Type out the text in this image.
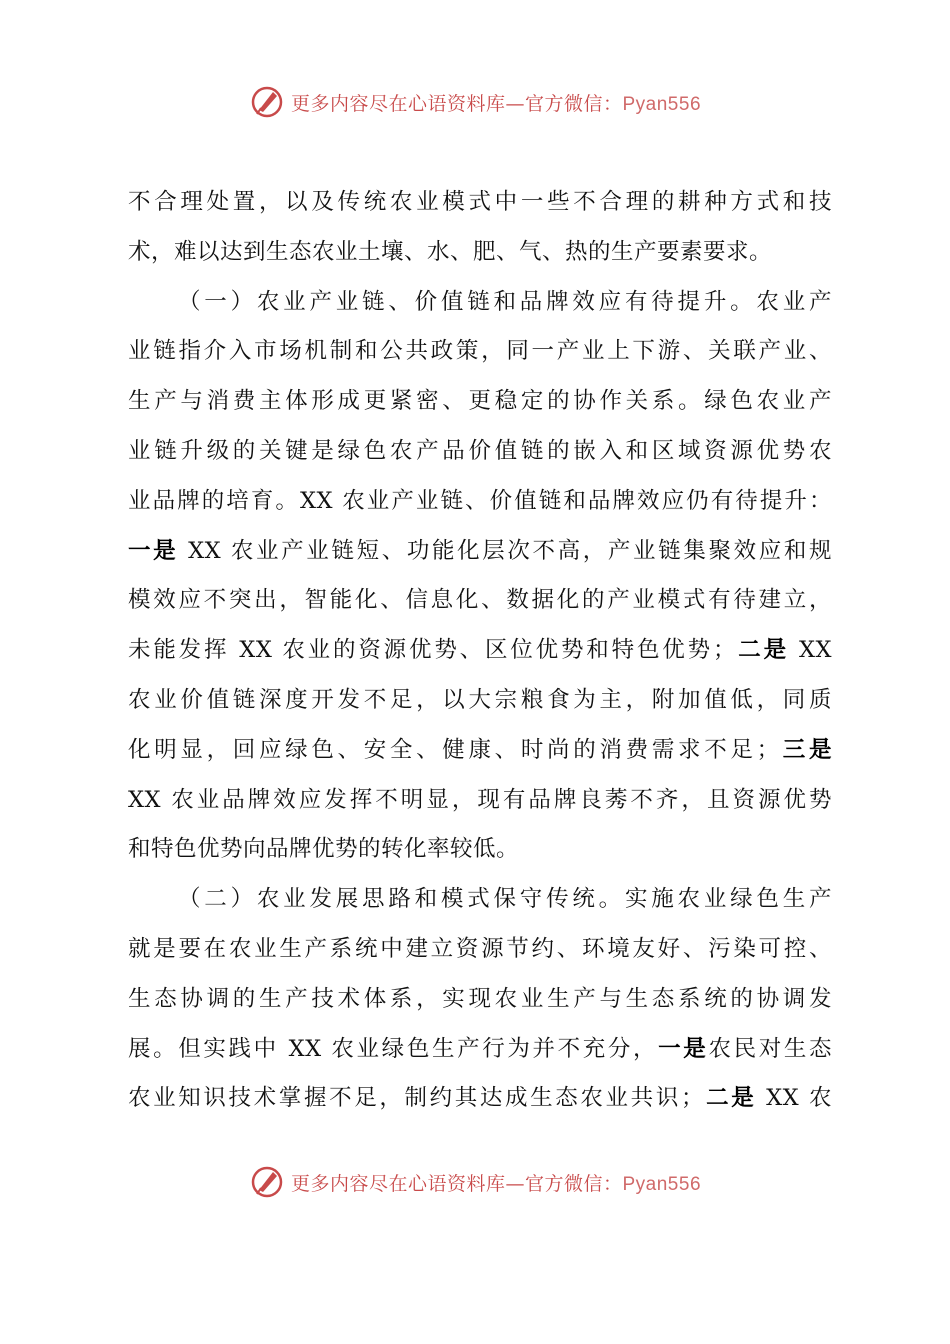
更多内容尽在心语资料库—官方微信：Pyan556
不合理处置，以及传统农业模式中一些不合理的耕种方式和技
术，难以达到生态农业土壤、水、肥、气、热的生产要素要求。
（一）农业产业链、价值链和品牌效应有待提升。农业产
业链指介入市场机制和公共政策，同一产业上下游、关联产业、
生产与消费主体形成更紧密、更稳定的协作关系。绿色农业产
业链升级的关键是绿色农产品价值链的嵌入和区域资源优势农
业品牌的培育。XX 农业产业链、价值链和品牌效应仍有待提升：
一是 XX 农业产业链短、功能化层次不高，产业链集聚效应和规
模效应不突出，智能化、信息化、数据化的产业模式有待建立，
未能发挥 XX 农业的资源优势、区位优势和特色优势；二是 XX
农业价值链深度开发不足，以大宗粮食为主，附加值低，同质
化明显，回应绿色、安全、健康、时尚的消费需求不足；三是
XX 农业品牌效应发挥不明显，现有品牌良莠不齐，且资源优势
和特色优势向品牌优势的转化率较低。
（二）农业发展思路和模式保守传统。实施农业绿色生产
就是要在农业生产系统中建立资源节约、环境友好、污染可控、
生态协调的生产技术体系，实现农业生产与生态系统的协调发
展。但实践中 XX 农业绿色生产行为并不充分，一是农民对生态
农业知识技术掌握不足，制约其达成生态农业共识；二是 XX 农
更多内容尽在心语资料库—官方微信：Pyan556
